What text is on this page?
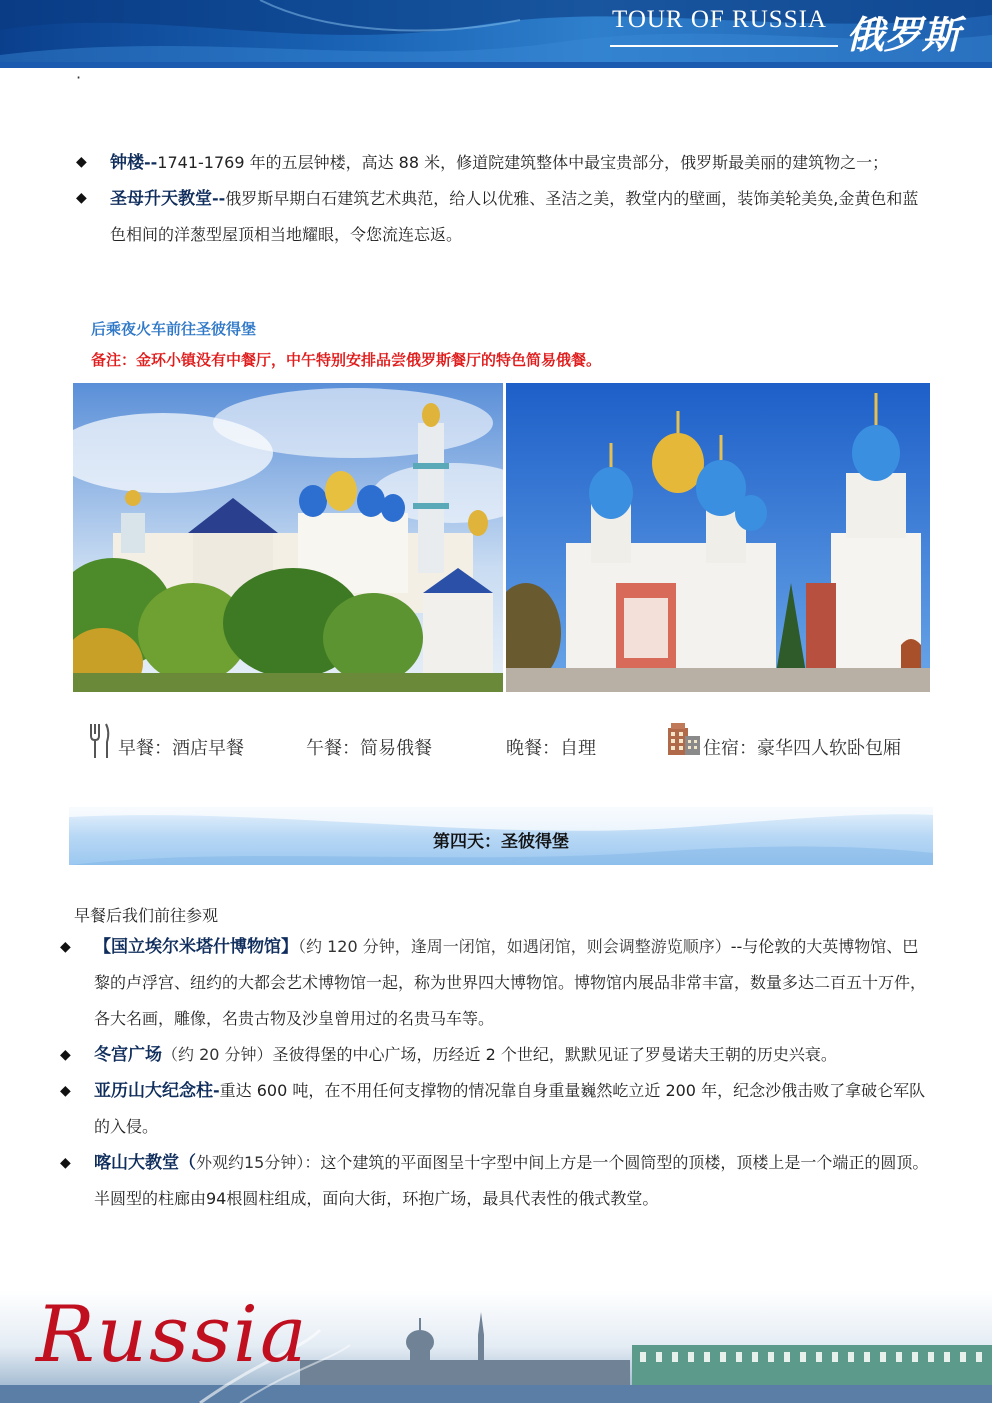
TOUR OF RUSSIA 俄罗斯
·
◆ 钟楼--1741-1769 年的五层钟楼，高达 88 米，修道院建筑整体中最宝贵部分，俄罗斯最美丽的建筑物之一；
◆ 圣母升天教堂--俄罗斯早期白石建筑艺术典范，给人以优雅、圣洁之美，教堂内的壁画，装饰美轮美奂,金黄色和蓝色相间的洋葱型屋顶相当地耀眼，令您流连忘返。
后乘夜火车前往圣彼得堡
备注：金环小镇没有中餐厅，中午特别安排品尝俄罗斯餐厅的特色简易俄餐。
早餐：酒店早餐	午餐：简易俄餐	晚餐：自理	住宿：豪华四人软卧包厢
第四天：圣彼得堡
早餐后我们前往参观
◆ 【国立埃尔米塔什博物馆】（约 120 分钟，逢周一闭馆，如遇闭馆，则会调整游览顺序）--与伦敦的大英博物馆、巴黎的卢浮宫、纽约的大都会艺术博物馆一起，称为世界四大博物馆。博物馆内展品非常丰富，数量多达二百五十万件，各大名画，雕像，名贵古物及沙皇曾用过的名贵马车等。
◆ 冬宫广场（约 20 分钟）圣彼得堡的中心广场，历经近 2 个世纪，默默见证了罗曼诺夫王朝的历史兴衰。
◆ 亚历山大纪念柱-重达 600 吨，在不用任何支撑物的情况靠自身重量巍然屹立近 200 年，纪念沙俄击败了拿破仑军队的入侵。
◆ 喀山大教堂（外观约15分钟）：这个建筑的平面图呈十字型中间上方是一个圆筒型的顶楼，顶楼上是一个端正的圆顶。半圆型的柱廊由94根圆柱组成，面向大街，环抱广场，最具代表性的俄式教堂。
Russia
